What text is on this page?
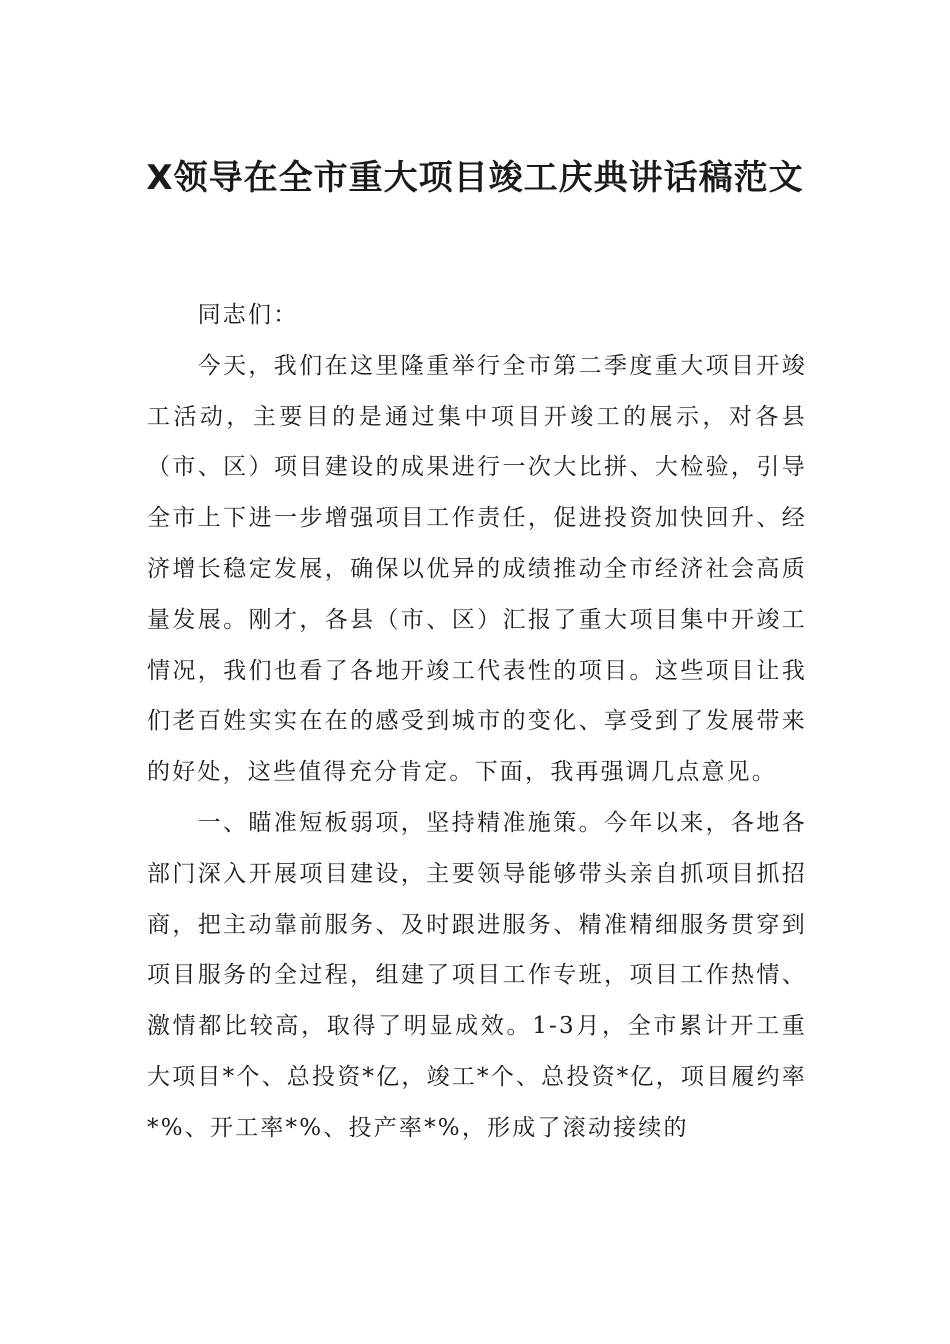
X领导在全市重大项目竣工庆典讲话稿范文

同志们：

今天，我们在这里隆重举行全市第二季度重大项目开竣工活动，主要目的是通过集中项目开竣工的展示，对各县（市、区）项目建设的成果进行一次大比拼、大检验，引导全市上下进一步增强项目工作责任，促进投资加快回升、经济增长稳定发展，确保以优异的成绩推动全市经济社会高质量发展。刚才，各县（市、区）汇报了重大项目集中开竣工情况，我们也看了各地开竣工代表性的项目。这些项目让我们老百姓实实在在的感受到城市的变化、享受到了发展带来的好处，这些值得充分肯定。下面，我再强调几点意见。

一、瞄准短板弱项，坚持精准施策。今年以来，各地各部门深入开展项目建设，主要领导能够带头亲自抓项目抓招商，把主动靠前服务、及时跟进服务、精准精细服务贯穿到项目服务的全过程，组建了项目工作专班，项目工作热情、激情都比较高，取得了明显成效。1-3月，全市累计开工重大项目*个、总投资*亿，竣工*个、总投资*亿，项目履约率*%、开工率*%、投产率*%，形成了滚动接续的
